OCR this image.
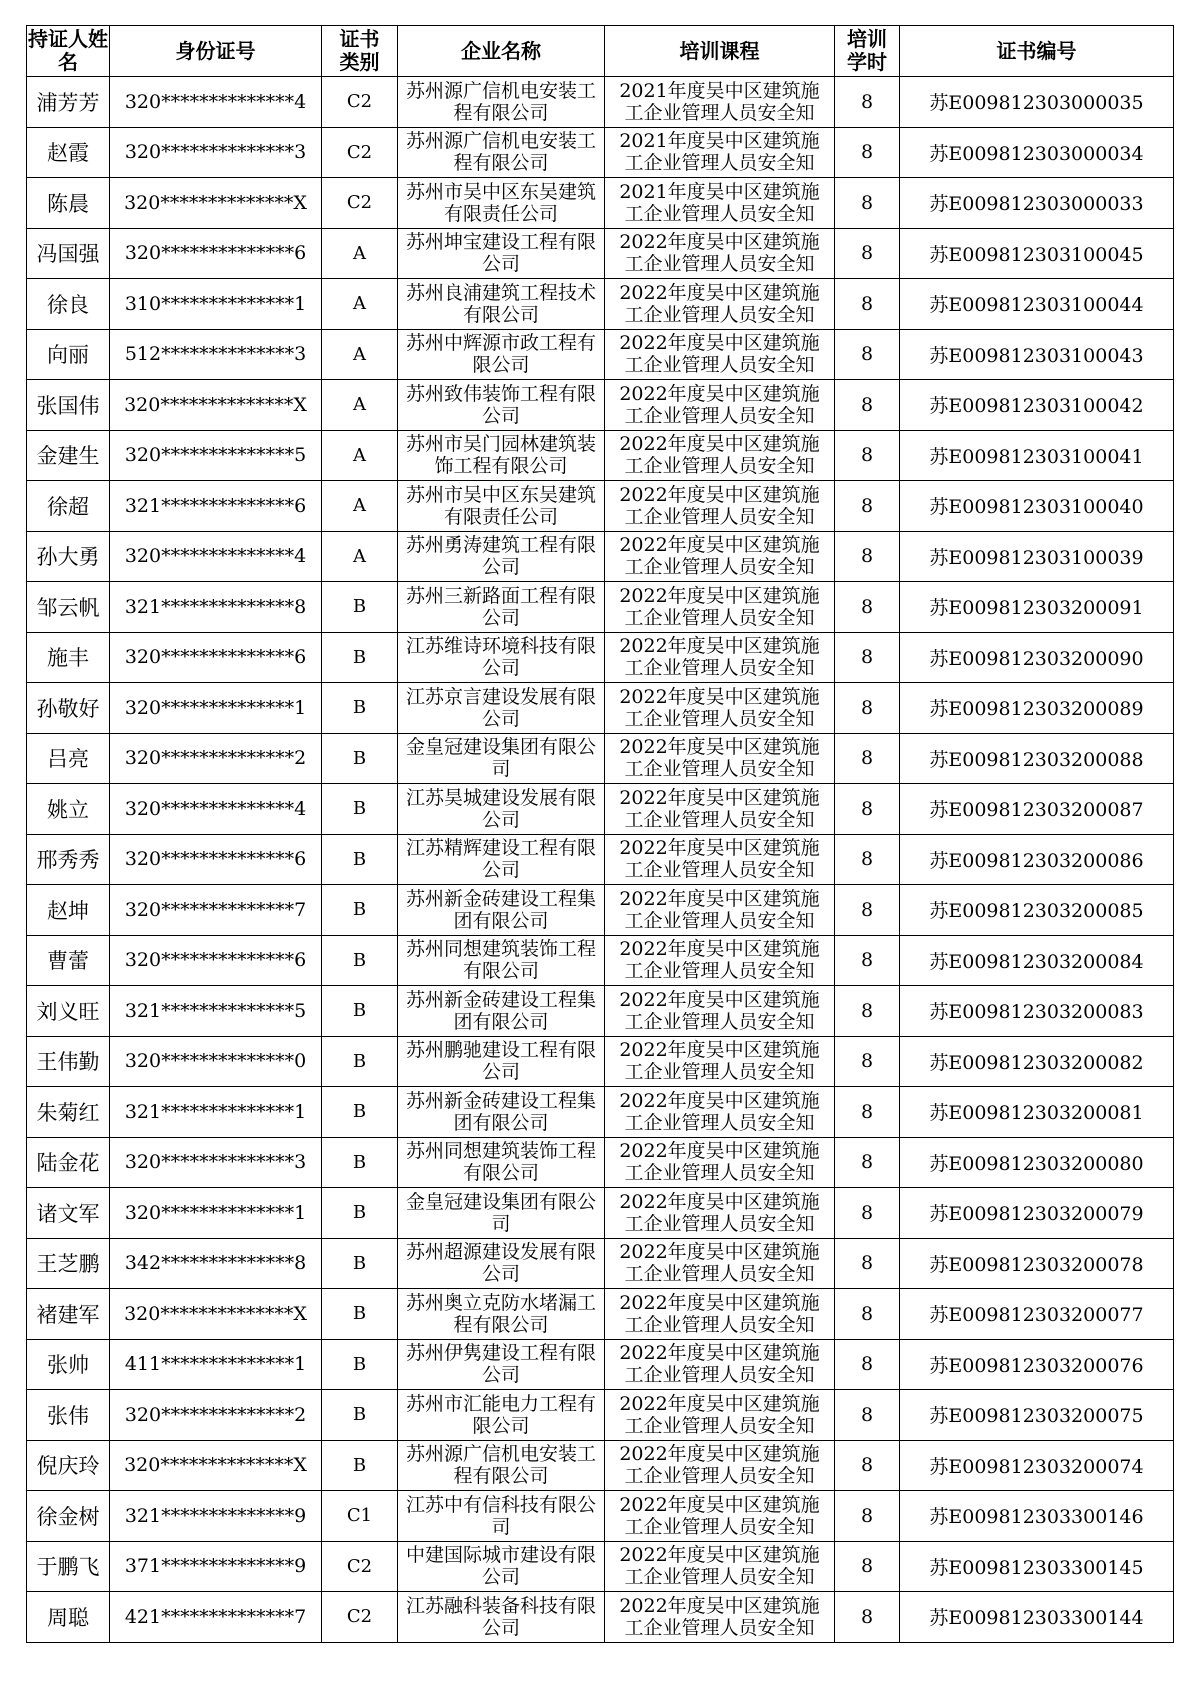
持证人姓名	身份证号	证书类别	企业名称	培训课程	培训学时	证书编号

浦芳芳	320**************4	C2	苏州源广信机电安装工程有限公司	2021年度吴中区建筑施工企业管理人员安全知	8	苏E009812303000035

赵霞	320**************3	C2	苏州源广信机电安装工程有限公司	2021年度吴中区建筑施工企业管理人员安全知	8	苏E009812303000034

陈晨	320**************X	C2	苏州市吴中区东吴建筑有限责任公司	2021年度吴中区建筑施工企业管理人员安全知	8	苏E009812303000033

冯国强	320**************6	A	苏州坤宝建设工程有限公司	2022年度吴中区建筑施工企业管理人员安全知	8	苏E009812303100045

徐良	310**************1	A	苏州良浦建筑工程技术有限公司	2022年度吴中区建筑施工企业管理人员安全知	8	苏E009812303100044

向丽	512**************3	A	苏州中辉源市政工程有限公司	2022年度吴中区建筑施工企业管理人员安全知	8	苏E009812303100043

张国伟	320**************X	A	苏州致伟装饰工程有限公司	2022年度吴中区建筑施工企业管理人员安全知	8	苏E009812303100042

金建生	320**************5	A	苏州市吴门园林建筑装饰工程有限公司	2022年度吴中区建筑施工企业管理人员安全知	8	苏E009812303100041

徐超	321**************6	A	苏州市吴中区东吴建筑有限责任公司	2022年度吴中区建筑施工企业管理人员安全知	8	苏E009812303100040

孙大勇	320**************4	A	苏州勇涛建筑工程有限公司	2022年度吴中区建筑施工企业管理人员安全知	8	苏E009812303100039

邹云帆	321**************8	B	苏州三新路面工程有限公司	2022年度吴中区建筑施工企业管理人员安全知	8	苏E009812303200091

施丰	320**************6	B	江苏维诗环境科技有限公司	2022年度吴中区建筑施工企业管理人员安全知	8	苏E009812303200090

孙敬好	320**************1	B	江苏京言建设发展有限公司	2022年度吴中区建筑施工企业管理人员安全知	8	苏E009812303200089

吕亮	320**************2	B	金皇冠建设集团有限公司	2022年度吴中区建筑施工企业管理人员安全知	8	苏E009812303200088

姚立	320**************4	B	江苏昊城建设发展有限公司	2022年度吴中区建筑施工企业管理人员安全知	8	苏E009812303200087

邢秀秀	320**************6	B	江苏精辉建设工程有限公司	2022年度吴中区建筑施工企业管理人员安全知	8	苏E009812303200086

赵坤	320**************7	B	苏州新金砖建设工程集团有限公司	2022年度吴中区建筑施工企业管理人员安全知	8	苏E009812303200085

曹蕾	320**************6	B	苏州同想建筑装饰工程有限公司	2022年度吴中区建筑施工企业管理人员安全知	8	苏E009812303200084

刘义旺	321**************5	B	苏州新金砖建设工程集团有限公司	2022年度吴中区建筑施工企业管理人员安全知	8	苏E009812303200083

王伟勤	320**************0	B	苏州鹏驰建设工程有限公司	2022年度吴中区建筑施工企业管理人员安全知	8	苏E009812303200082

朱菊红	321**************1	B	苏州新金砖建设工程集团有限公司	2022年度吴中区建筑施工企业管理人员安全知	8	苏E009812303200081

陆金花	320**************3	B	苏州同想建筑装饰工程有限公司	2022年度吴中区建筑施工企业管理人员安全知	8	苏E009812303200080

诸文军	320**************1	B	金皇冠建设集团有限公司	2022年度吴中区建筑施工企业管理人员安全知	8	苏E009812303200079

王芝鹏	342**************8	B	苏州超源建设发展有限公司	2022年度吴中区建筑施工企业管理人员安全知	8	苏E009812303200078

褚建军	320**************X	B	苏州奥立克防水堵漏工程有限公司	2022年度吴中区建筑施工企业管理人员安全知	8	苏E009812303200077

张帅	411**************1	B	苏州伊隽建设工程有限公司	2022年度吴中区建筑施工企业管理人员安全知	8	苏E009812303200076

张伟	320**************2	B	苏州市汇能电力工程有限公司	2022年度吴中区建筑施工企业管理人员安全知	8	苏E009812303200075

倪庆玲	320**************X	B	苏州源广信机电安装工程有限公司	2022年度吴中区建筑施工企业管理人员安全知	8	苏E009812303200074

徐金树	321**************9	C1	江苏中有信科技有限公司	2022年度吴中区建筑施工企业管理人员安全知	8	苏E009812303300146

于鹏飞	371**************9	C2	中建国际城市建设有限公司	2022年度吴中区建筑施工企业管理人员安全知	8	苏E009812303300145

周聪	421**************7	C2	江苏融科装备科技有限公司	2022年度吴中区建筑施工企业管理人员安全知	8	苏E009812303300144
